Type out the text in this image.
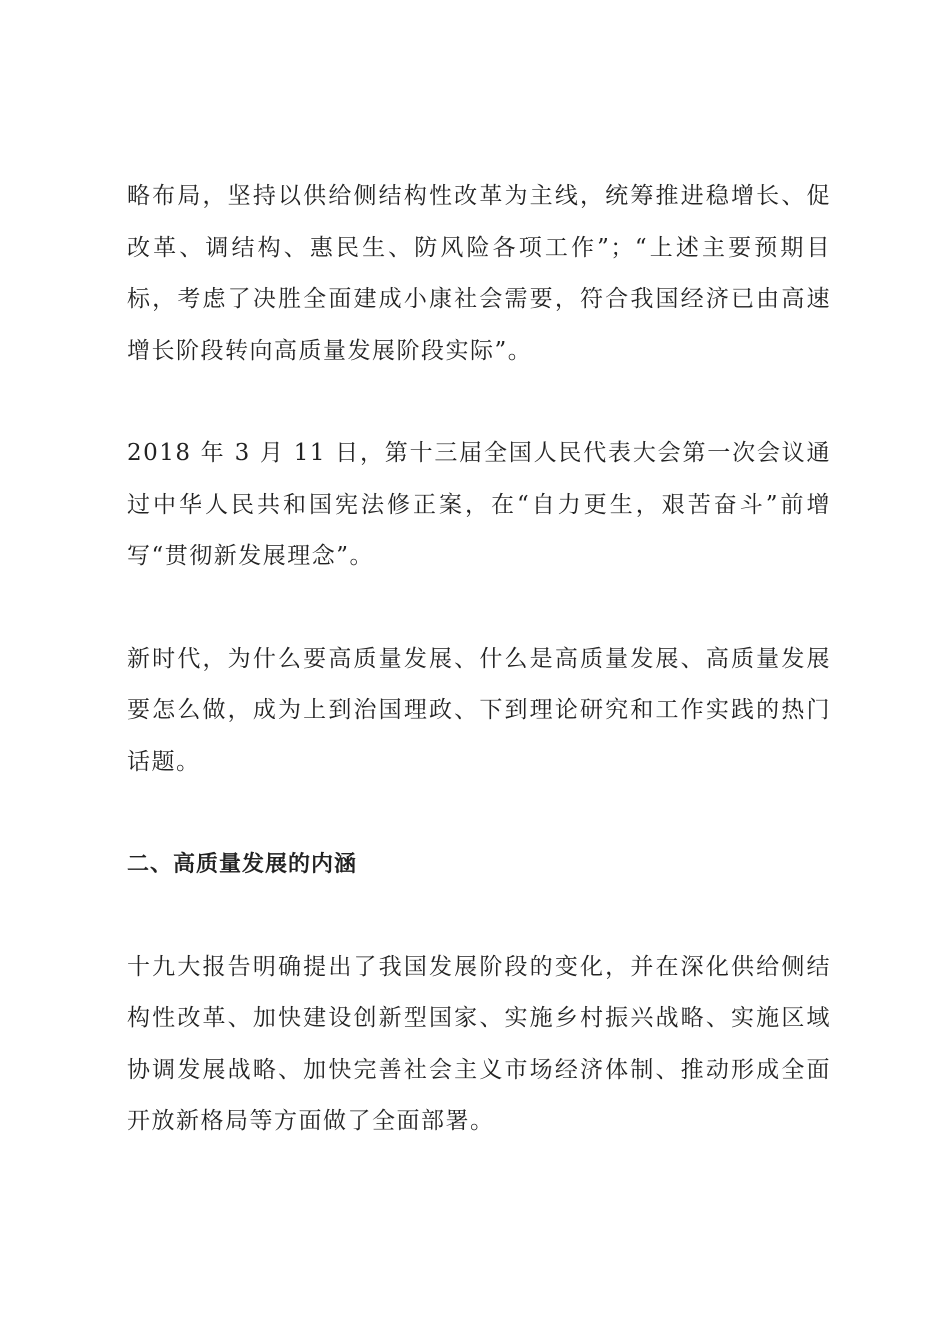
略布局，坚持以供给侧结构性改革为主线，统筹推进稳增长、促改革、调结构、惠民生、防风险各项工作”；“上述主要预期目标，考虑了决胜全面建成小康社会需要，符合我国经济已由高速增长阶段转向高质量发展阶段实际”。

2018 年 3 月 11 日，第十三届全国人民代表大会第一次会议通过中华人民共和国宪法修正案，在“自力更生，艰苦奋斗”前增写“贯彻新发展理念”。

新时代，为什么要高质量发展、什么是高质量发展、高质量发展要怎么做，成为上到治国理政、下到理论研究和工作实践的热门话题。

二、高质量发展的内涵

十九大报告明确提出了我国发展阶段的变化，并在深化供给侧结构性改革、加快建设创新型国家、实施乡村振兴战略、实施区域协调发展战略、加快完善社会主义市场经济体制、推动形成全面开放新格局等方面做了全面部署。
